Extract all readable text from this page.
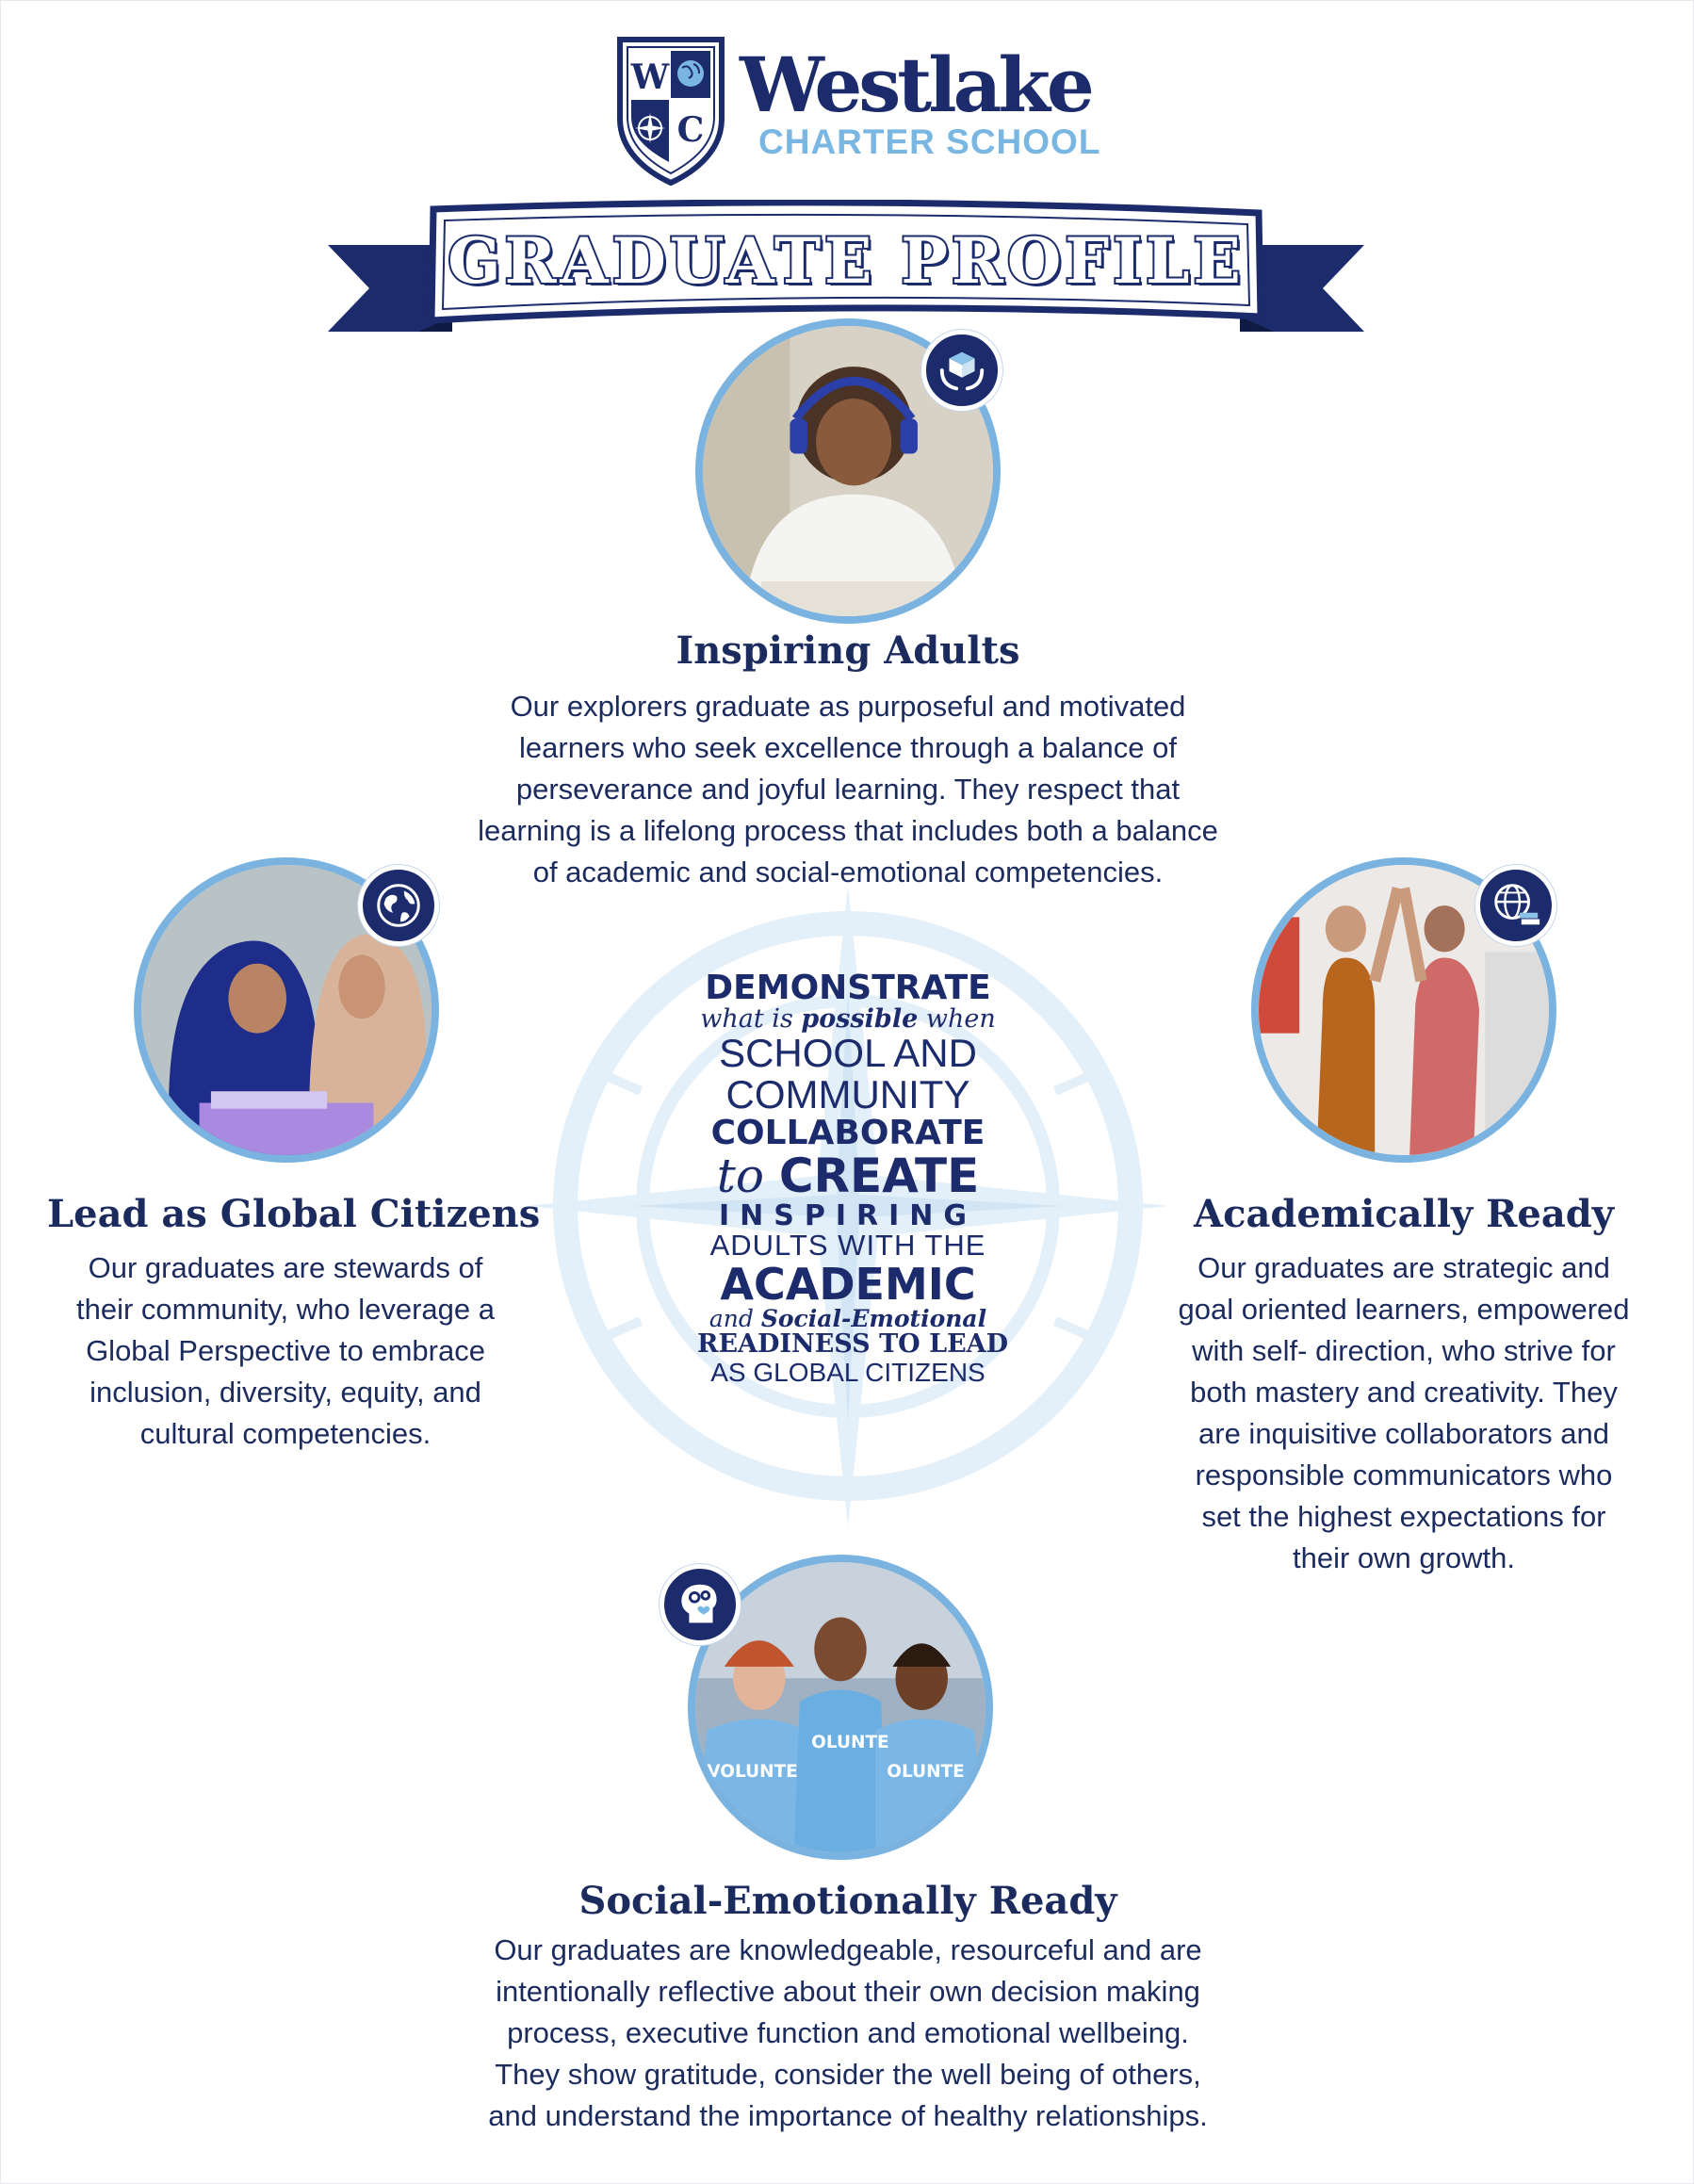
W
C
Westlake
CHARTER SCHOOL
GRADUATE PROFILE
DEMONSTRATE
what is possible when
SCHOOL AND
COMMUNITY
COLLABORATE
to CREATE
INSPIRING
ADULTS WITH THE
ACADEMIC
and Social-Emotional
READINESS TO LEAD
AS GLOBAL CITIZENS
Inspiring Adults

Our explorers graduate as purposeful and motivated
learners who seek excellence through a balance of
perseverance and joyful learning. They respect that
learning is a lifelong process that includes both a balance
of academic and social-emotional competencies.

Lead as Global Citizens

Our graduates are stewards of
their community, who leverage a
Global Perspective to embrace
inclusion, diversity, equity, and
cultural competencies.

Academically Ready

Our graduates are strategic and
goal oriented learners, empowered
with self- direction, who strive for
both mastery and creativity. They
are inquisitive collaborators and
responsible communicators who
set the highest expectations for
their own growth.

VOLUNTE
OLUNTE
OLUNTE
Social-Emotionally Ready

Our graduates are knowledgeable, resourceful and are
intentionally reflective about their own decision making
process, executive function and emotional wellbeing.
They show gratitude, consider the well being of others,
and understand the importance of healthy relationships.
